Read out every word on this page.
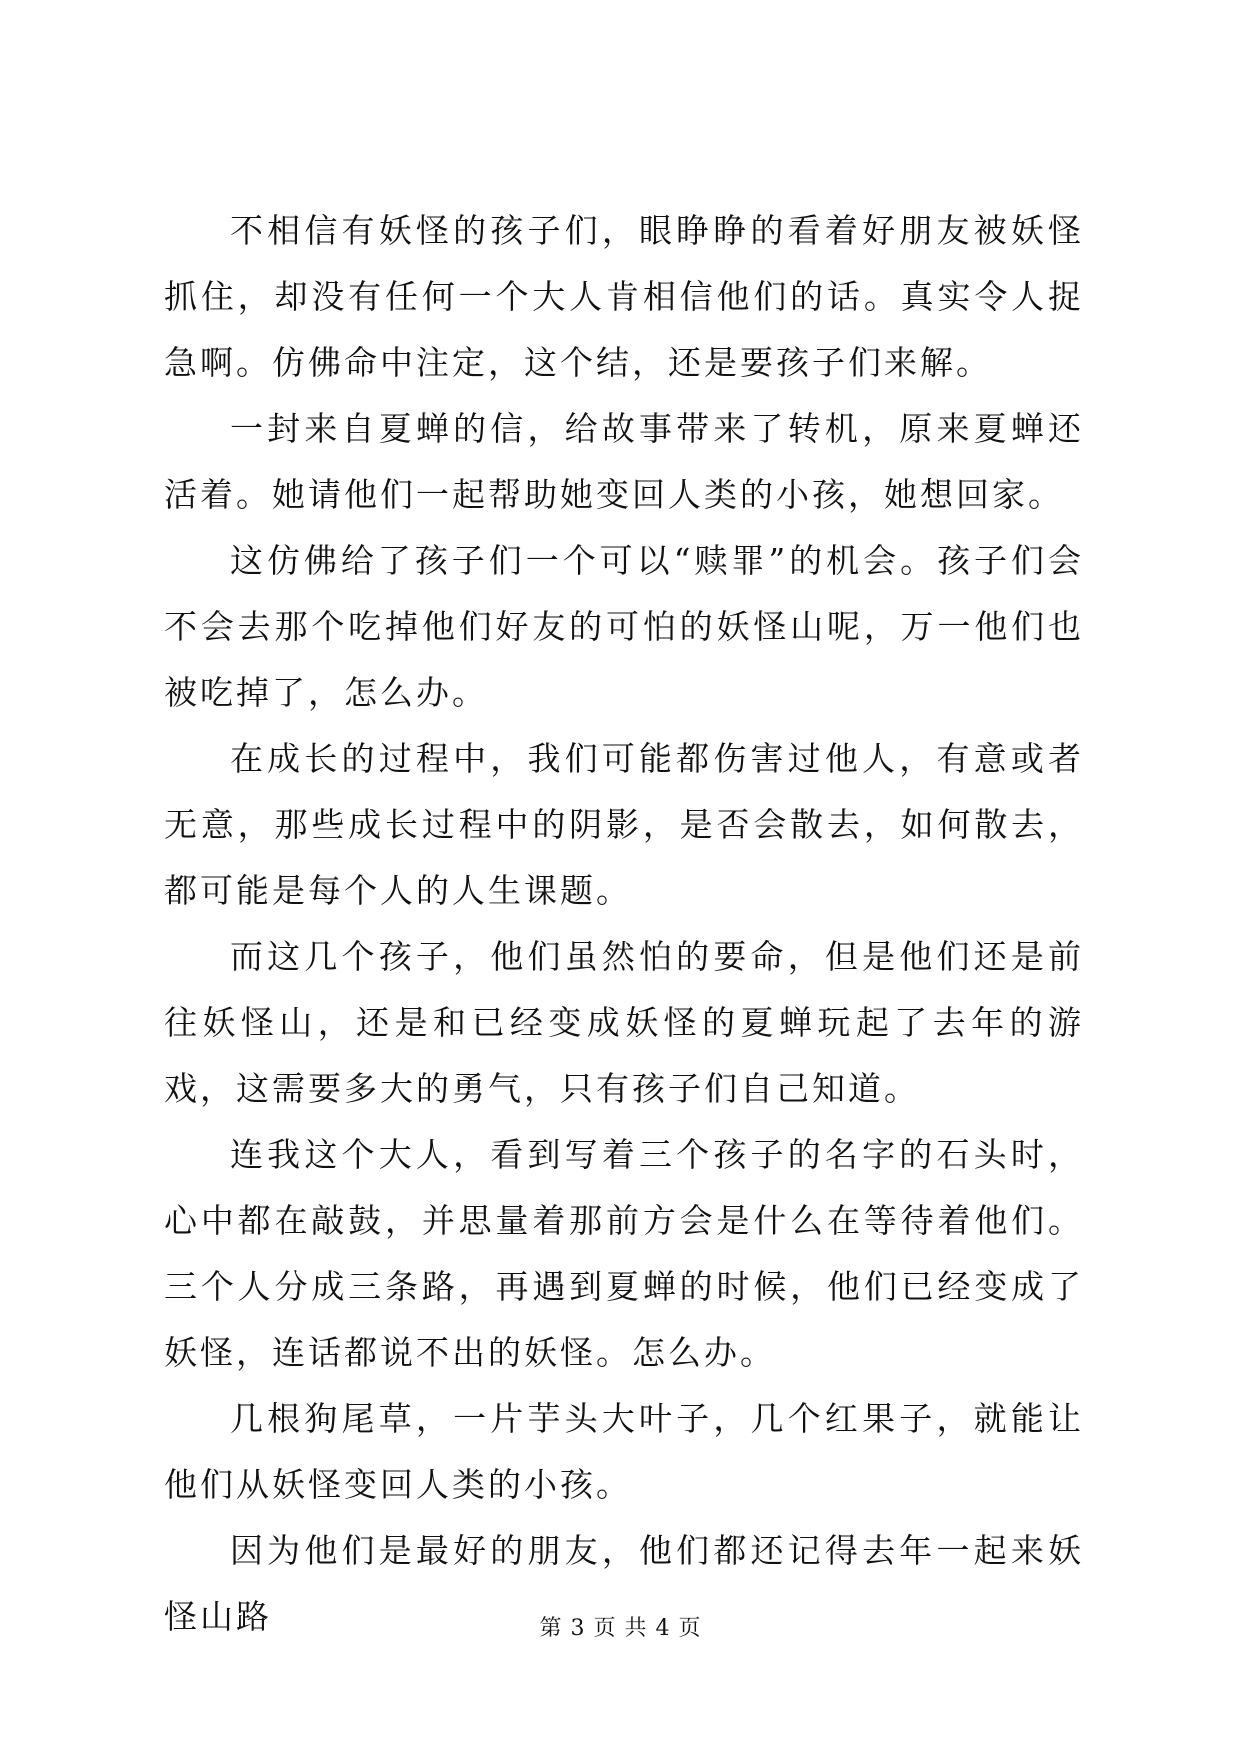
不相信有妖怪的孩子们，眼睁睁的看着好朋友被妖怪抓住，却没有任何一个大人肯相信他们的话。真实令人捉急啊。仿佛命中注定，这个结，还是要孩子们来解。

一封来自夏蝉的信，给故事带来了转机，原来夏蝉还活着。她请他们一起帮助她变回人类的小孩，她想回家。

这仿佛给了孩子们一个可以“赎罪”的机会。孩子们会不会去那个吃掉他们好友的可怕的妖怪山呢，万一他们也被吃掉了，怎么办。

在成长的过程中，我们可能都伤害过他人，有意或者无意，那些成长过程中的阴影，是否会散去，如何散去，都可能是每个人的人生课题。

而这几个孩子，他们虽然怕的要命，但是他们还是前往妖怪山，还是和已经变成妖怪的夏蝉玩起了去年的游戏，这需要多大的勇气，只有孩子们自己知道。

连我这个大人，看到写着三个孩子的名字的石头时，心中都在敲鼓，并思量着那前方会是什么在等待着他们。三个人分成三条路，再遇到夏蝉的时候，他们已经变成了妖怪，连话都说不出的妖怪。怎么办。

几根狗尾草，一片芋头大叶子，几个红果子，就能让他们从妖怪变回人类的小孩。

因为他们是最好的朋友，他们都还记得去年一起来妖怪山路	第 3 页 共 4 页
